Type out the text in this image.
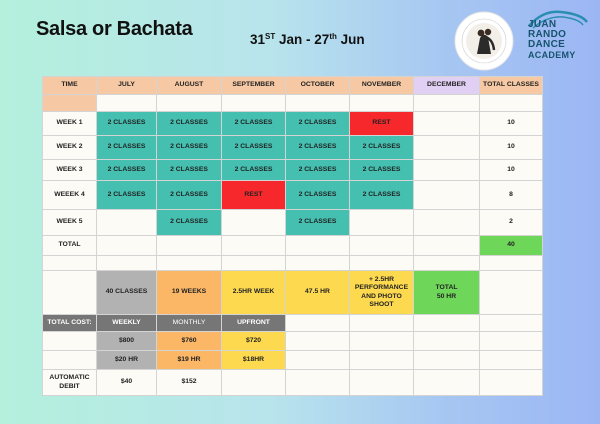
Salsa or Bachata	31ST Jan - 27th Jun
JUAN
RANDO
DANCE
ACADEMY
TIME	JULY	AUGUST	SEPTEMBER	OCTOBER	NOVEMBER	DECEMBER	TOTAL CLASSES

WEEK 1	2 CLASSES	2 CLASSES	2 CLASSES	2 CLASSES	REST		10
WEEK 2	2 CLASSES	2 CLASSES	2 CLASSES	2 CLASSES	2 CLASSES		10
WEEK 3	2 CLASSES	2 CLASSES	2 CLASSES	2 CLASSES	2 CLASSES		10
WEEEK 4	2 CLASSES	2 CLASSES	REST	2 CLASSES	2 CLASSES		8
WEEK 5		2 CLASSES		2 CLASSES			2
TOTAL							40

	40 CLASSES	19 WEEKS	2.5HR WEEK	47.5 HR	+ 2.5HR PERFORMANCE AND PHOTO SHOOT	TOTAL
50 HR	

TOTAL COST:	WEEKLY	MONTHLY	UPFRONT				
	$800	$760	$720				
	$20 HR	$19 HR	$18HR				
AUTOMATIC DEBIT	$40	$152					
